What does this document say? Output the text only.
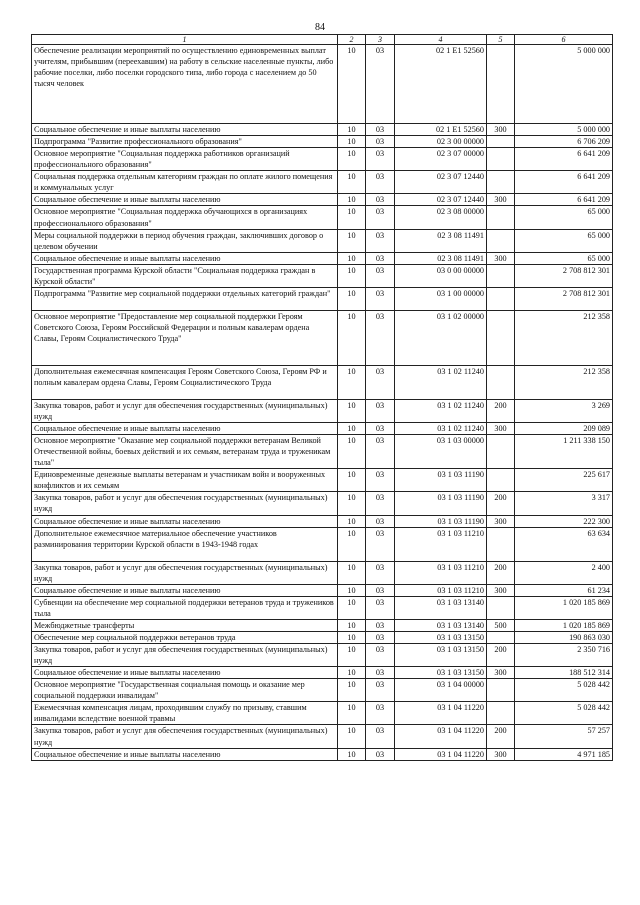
84
1	2	3	4	5	6
Обеспечение реализации мероприятий по осуществлению единовременных выплат учителям, прибывшим (переехавшим) на работу в сельские населенные пункты, либо рабочие поселки, либо поселки городского типа, либо города с населением до 50 тысяч человек	10	03	02 1 E1 52560		5 000 000
Социальное обеспечение и иные выплаты населению	10	03	02 1 E1 52560	300	5 000 000
Подпрограмма "Развитие профессионального образования"	10	03	02 3 00 00000		6 706 209
Основное мероприятие "Социальная поддержка работников организаций профессионального образования"	10	03	02 3 07 00000		6 641 209
Социальная поддержка отдельным категориям граждан по оплате жилого помещения и коммунальных услуг	10	03	02 3 07 12440		6 641 209
Социальное обеспечение и иные выплаты населению	10	03	02 3 07 12440	300	6 641 209
Основное мероприятие "Социальная поддержка обучающихся в организациях профессионального образования"	10	03	02 3 08 00000		65 000
Меры социальной поддержки в период обучения граждан, заключивших договор о целевом обучении	10	03	02 3 08 11491		65 000
Социальное обеспечение и иные выплаты населению	10	03	02 3 08 11491	300	65 000
Государственная программа Курской области "Социальная поддержка граждан в Курской области"	10	03	03 0 00 00000		2 708 812 301
Подпрограмма "Развитие мер социальной поддержки отдельных категорий граждан"	10	03	03 1 00 00000		2 708 812 301
Основное мероприятие "Предоставление мер социальной поддержки Героям Советского Союза, Героям Российской Федерации и полным кавалерам ордена Славы, Героям Социалистического Труда"	10	03	03 1 02 00000		212 358
Дополнительная ежемесячная компенсация Героям Советского Союза, Героям РФ и полным кавалерам ордена Славы, Героям Социалистического Труда	10	03	03 1 02 11240		212 358
Закупка товаров, работ и услуг для обеспечения государственных (муниципальных) нужд	10	03	03 1 02 11240	200	3 269
Социальное обеспечение и иные выплаты населению	10	03	03 1 02 11240	300	209 089
Основное мероприятие "Оказание мер социальной поддержки ветеранам Великой Отечественной войны, боевых действий и их семьям, ветеранам труда и труженикам тыла"	10	03	03 1 03 00000		1 211 338 150
Единовременные денежные выплаты ветеранам и участникам войн и вооруженных конфликтов и их семьям	10	03	03 1 03 11190		225 617
Закупка товаров, работ и услуг для обеспечения государственных (муниципальных) нужд	10	03	03 1 03 11190	200	3 317
Социальное обеспечение и иные выплаты населению	10	03	03 1 03 11190	300	222 300
Дополнительное ежемесячное материальное обеспечение участников разминирования территории Курской области в 1943-1948 годах	10	03	03 1 03 11210		63 634
Закупка товаров, работ и услуг для обеспечения государственных (муниципальных) нужд	10	03	03 1 03 11210	200	2 400
Социальное обеспечение и иные выплаты населению	10	03	03 1 03 11210	300	61 234
Субвенции на обеспечение мер социальной поддержки ветеранов труда и тружеников тыла	10	03	03 1 03 13140		1 020 185 869
Межбюджетные трансферты	10	03	03 1 03 13140	500	1 020 185 869
Обеспечение мер социальной поддержки ветеранов труда	10	03	03 1 03 13150		190 863 030
Закупка товаров, работ и услуг для обеспечения государственных (муниципальных) нужд	10	03	03 1 03 13150	200	2 350 716
Социальное обеспечение и иные выплаты населению	10	03	03 1 03 13150	300	188 512 314
Основное мероприятие "Государственная социальная помощь и оказание мер социальной поддержки инвалидам"	10	03	03 1 04 00000		5 028 442
Ежемесячная компенсация лицам, проходившим службу по призыву, ставшим инвалидами вследствие военной травмы	10	03	03 1 04 11220		5 028 442
Закупка товаров, работ и услуг для обеспечения государственных (муниципальных) нужд	10	03	03 1 04 11220	200	57 257
Социальное обеспечение и иные выплаты населению	10	03	03 1 04 11220	300	4 971 185
